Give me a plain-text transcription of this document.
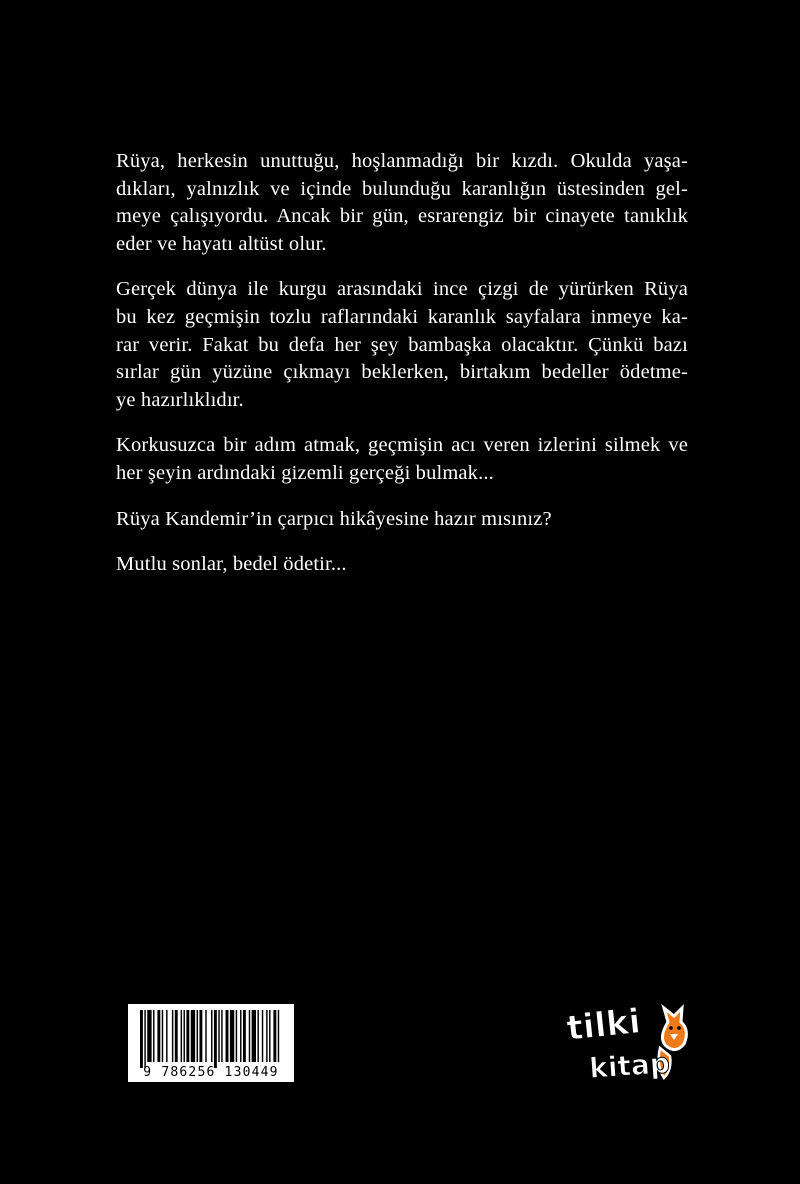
Rüya, herkesin unuttuğu, hoşlanmadığı bir kızdı. Okulda yaşa-
dıkları, yalnızlık ve içinde bulunduğu karanlığın üstesinden gel-
meye çalışıyordu. Ancak bir gün, esrarengiz bir cinayete tanıklık
eder ve hayatı altüst olur.

Gerçek dünya ile kurgu arasındaki ince çizgi de yürürken Rüya
bu kez geçmişin tozlu raflarındaki karanlık sayfalara inmeye ka-
rar verir. Fakat bu defa her şey bambaşka olacaktır. Çünkü bazı
sırlar gün yüzüne çıkmayı beklerken, birtakım bedeller ödetme-
ye hazırlıklıdır.

Korkusuzca bir adım atmak, geçmişin acı veren izlerini silmek ve
her şeyin ardındaki gizemli gerçeği bulmak...

Rüya Kandemir’in çarpıcı hikâyesine hazır mısınız?

Mutlu sonlar, bedel ödetir...

9 786256 130449
tilki
kitap
